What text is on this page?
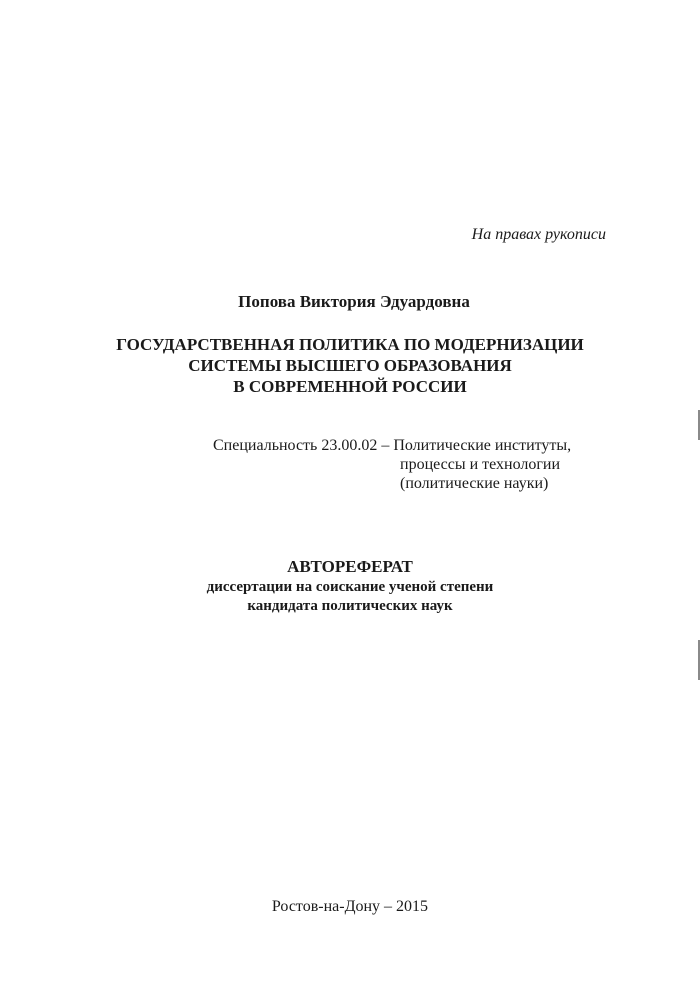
На правах рукописи
Попова Виктория Эдуардовна
ГОСУДАРСТВЕННАЯ ПОЛИТИКА ПО МОДЕРНИЗАЦИИ
СИСТЕМЫ ВЫСШЕГО ОБРАЗОВАНИЯ
В СОВРЕМЕННОЙ РОССИИ
Специальность 23.00.02 – Политические институты,
процессы и технологии
(политические науки)
АВТОРЕФЕРАТ
диссертации на соискание ученой степени
кандидата политических наук
Ростов-на-Дону – 2015
